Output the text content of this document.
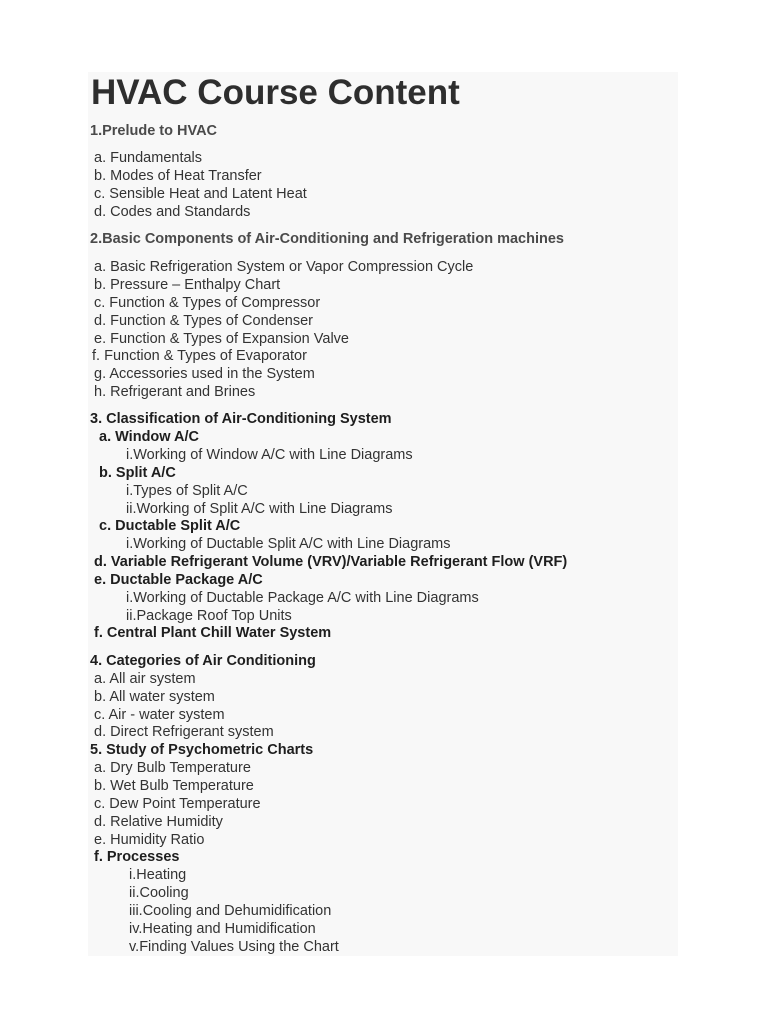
HVAC Course Content
1.Prelude to HVAC
a. Fundamentals
b. Modes of Heat Transfer
c. Sensible Heat and Latent Heat
d. Codes and Standards
2.Basic Components of Air-Conditioning and Refrigeration machines
a. Basic Refrigeration System or Vapor Compression Cycle
b. Pressure – Enthalpy Chart
c. Function & Types of Compressor
d. Function & Types of Condenser
e. Function & Types of Expansion Valve
f. Function & Types of Evaporator
g. Accessories used in the System
h. Refrigerant and Brines
3. Classification of Air-Conditioning System
a. Window A/C
i.Working of Window A/C with Line Diagrams
b. Split A/C
i.Types of Split A/C
ii.Working of Split A/C with Line Diagrams
c. Ductable Split A/C
i.Working of Ductable Split A/C with Line Diagrams
d. Variable Refrigerant Volume (VRV)/Variable Refrigerant Flow (VRF)
e. Ductable Package A/C
i.Working of Ductable Package A/C with Line Diagrams
ii.Package Roof Top Units
f. Central Plant Chill Water System
4. Categories of Air Conditioning
a. All air system
b. All water system
c. Air - water system
d. Direct Refrigerant system
5. Study of Psychometric Charts
a. Dry Bulb Temperature
b. Wet Bulb Temperature
c. Dew Point Temperature
d. Relative Humidity
e. Humidity Ratio
f. Processes
i.Heating
ii.Cooling
iii.Cooling and Dehumidification
iv.Heating and Humidification
v.Finding Values Using the Chart
